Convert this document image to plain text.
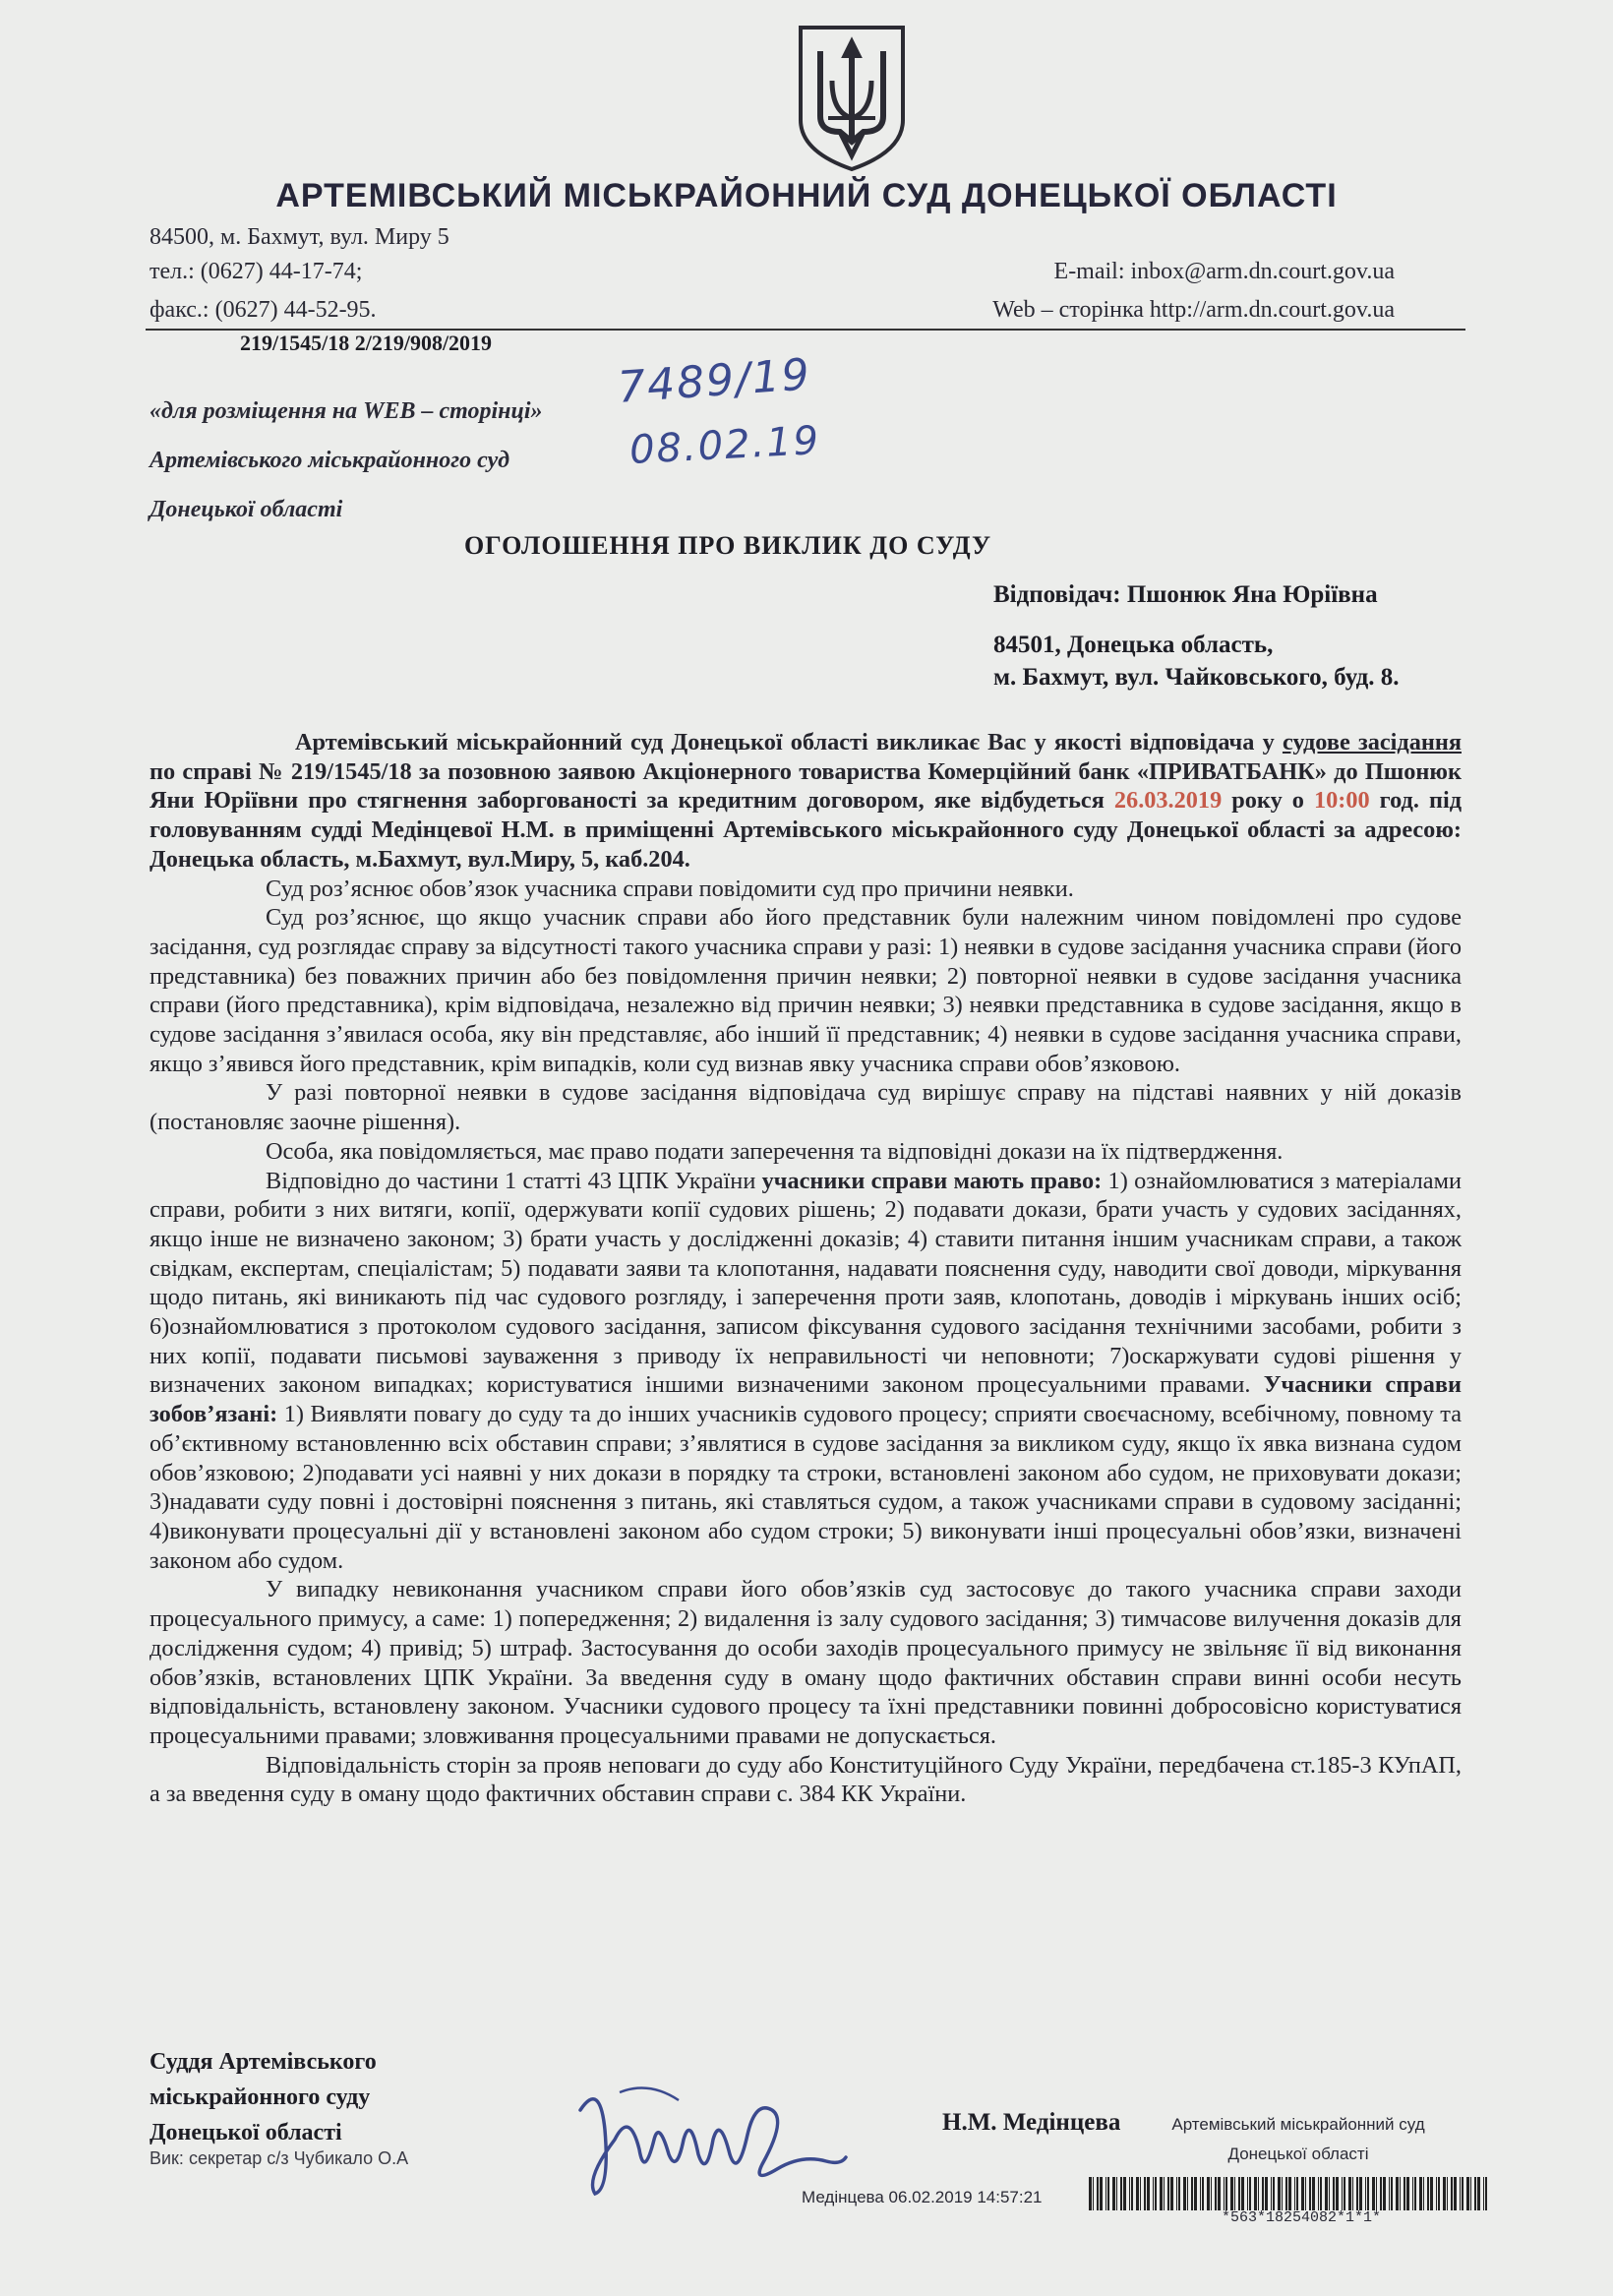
АРТЕМІВСЬКИЙ МІСЬКРАЙОННИЙ СУД ДОНЕЦЬКОЇ ОБЛАСТІ
84500, м. Бахмут, вул. Миру 5
тел.: (0627) 44-17-74;	E-mail: inbox@arm.dn.court.gov.ua
факс.: (0627) 44-52-95.	Web – сторінка http://arm.dn.court.gov.ua
219/1545/18 2/219/908/2019
7489/19
08.02.19
«для розміщення на WEB – сторінці»
Артемівського міськрайонного суд
Донецької області
ОГОЛОШЕННЯ ПРО ВИКЛИК ДО СУДУ
Відповідач: Пшонюк Яна Юріївна
84501, Донецька область,
м. Бахмут, вул. Чайковського, буд. 8.

Артемівський міськрайонний суд Донецької області викликає Вас у якості відповідача у судове засідання по справі № 219/1545/18 за позовною заявою Акціонерного товариства Комерційний банк «ПРИВАТБАНК» до Пшонюк Яни Юріївни про стягнення заборгованості за кредитним договором, яке відбудеться 26.03.2019 року о 10:00 год. під головуванням судді Медінцевої Н.М. в приміщенні Артемівського міськрайонного суду Донецької області за адресою: Донецька область, м.Бахмут, вул.Миру, 5, каб.204.

Суд роз’яснює обов’язок учасника справи повідомити суд про причини неявки.

Суд роз’яснює, що якщо учасник справи або його представник були належним чином повідомлені про судове засідання, суд розглядає справу за відсутності такого учасника справи у разі: 1) неявки в судове засідання учасника справи (його представника) без поважних причин або без повідомлення причин неявки; 2) повторної неявки в судове засідання учасника справи (його представника), крім відповідача, незалежно від причин неявки; 3) неявки представника в судове засідання, якщо в судове засідання з’явилася особа, яку він представляє, або інший її представник; 4) неявки в судове засідання учасника справи, якщо з’явився його представник, крім випадків, коли суд визнав явку учасника справи обов’язковою.

У разі повторної неявки в судове засідання відповідача суд вирішує справу на підставі наявних у ній доказів (постановляє заочне рішення).

Особа, яка повідомляється, має право подати заперечення та відповідні докази на їх підтвердження.

Відповідно до частини 1 статті 43 ЦПК України учасники справи мають право: 1) ознайомлюватися з матеріалами справи, робити з них витяги, копії, одержувати копії судових рішень; 2) подавати докази, брати участь у судових засіданнях, якщо інше не визначено законом; 3) брати участь у дослідженні доказів; 4) ставити питання іншим учасникам справи, а також свідкам, експертам, спеціалістам; 5) подавати заяви та клопотання, надавати пояснення суду, наводити свої доводи, міркування щодо питань, які виникають під час судового розгляду, і заперечення проти заяв, клопотань, доводів і міркувань інших осіб; 6)ознайомлюватися з протоколом судового засідання, записом фіксування судового засідання технічними засобами, робити з них копії, подавати письмові зауваження з приводу їх неправильності чи неповноти; 7)оскаржувати судові рішення у визначених законом випадках; користуватися іншими визначеними законом процесуальними правами. Учасники справи зобов’язані: 1) Виявляти повагу до суду та до інших учасників судового процесу; сприяти своєчасному, всебічному, повному та об’єктивному встановленню всіх обставин справи; з’являтися в судове засідання за викликом суду, якщо їх явка визнана судом обов’язковою; 2)подавати усі наявні у них докази в порядку та строки, встановлені законом або судом, не приховувати докази; 3)надавати суду повні і достовірні пояснення з питань, які ставляться судом, а також учасниками справи в судовому засіданні; 4)виконувати процесуальні дії у встановлені законом або судом строки; 5) виконувати інші процесуальні обов’язки, визначені законом або судом.

У випадку невиконання учасником справи його обов’язків суд застосовує до такого учасника справи заходи процесуального примусу, а саме: 1) попередження; 2) видалення із залу судового засідання; 3) тимчасове вилучення доказів для дослідження судом; 4) привід; 5) штраф. Застосування до особи заходів процесуального примусу не звільняє її від виконання обов’язків, встановлених ЦПК України. За введення суду в оману щодо фактичних обставин справи винні особи несуть відповідальність, встановлену законом. Учасники судового процесу та їхні представники повинні добросовісно користуватися процесуальними правами; зловживання процесуальними правами не допускається.

Відповідальність сторін за прояв неповаги до суду або Конституційного Суду України, передбачена ст.185-3 КУпАП, а за введення суду в оману щодо фактичних обставин справи с. 384 КК України.

Суддя Артемівського
міськрайонного суду
Донецької області
Вик: секретар с/з Чубикало О.А
Н.М. Медінцева	Артемівський міськрайонний суд
Донецької області
Медінцева 06.02.2019 14:57:21
*563*18254082*1*1*
